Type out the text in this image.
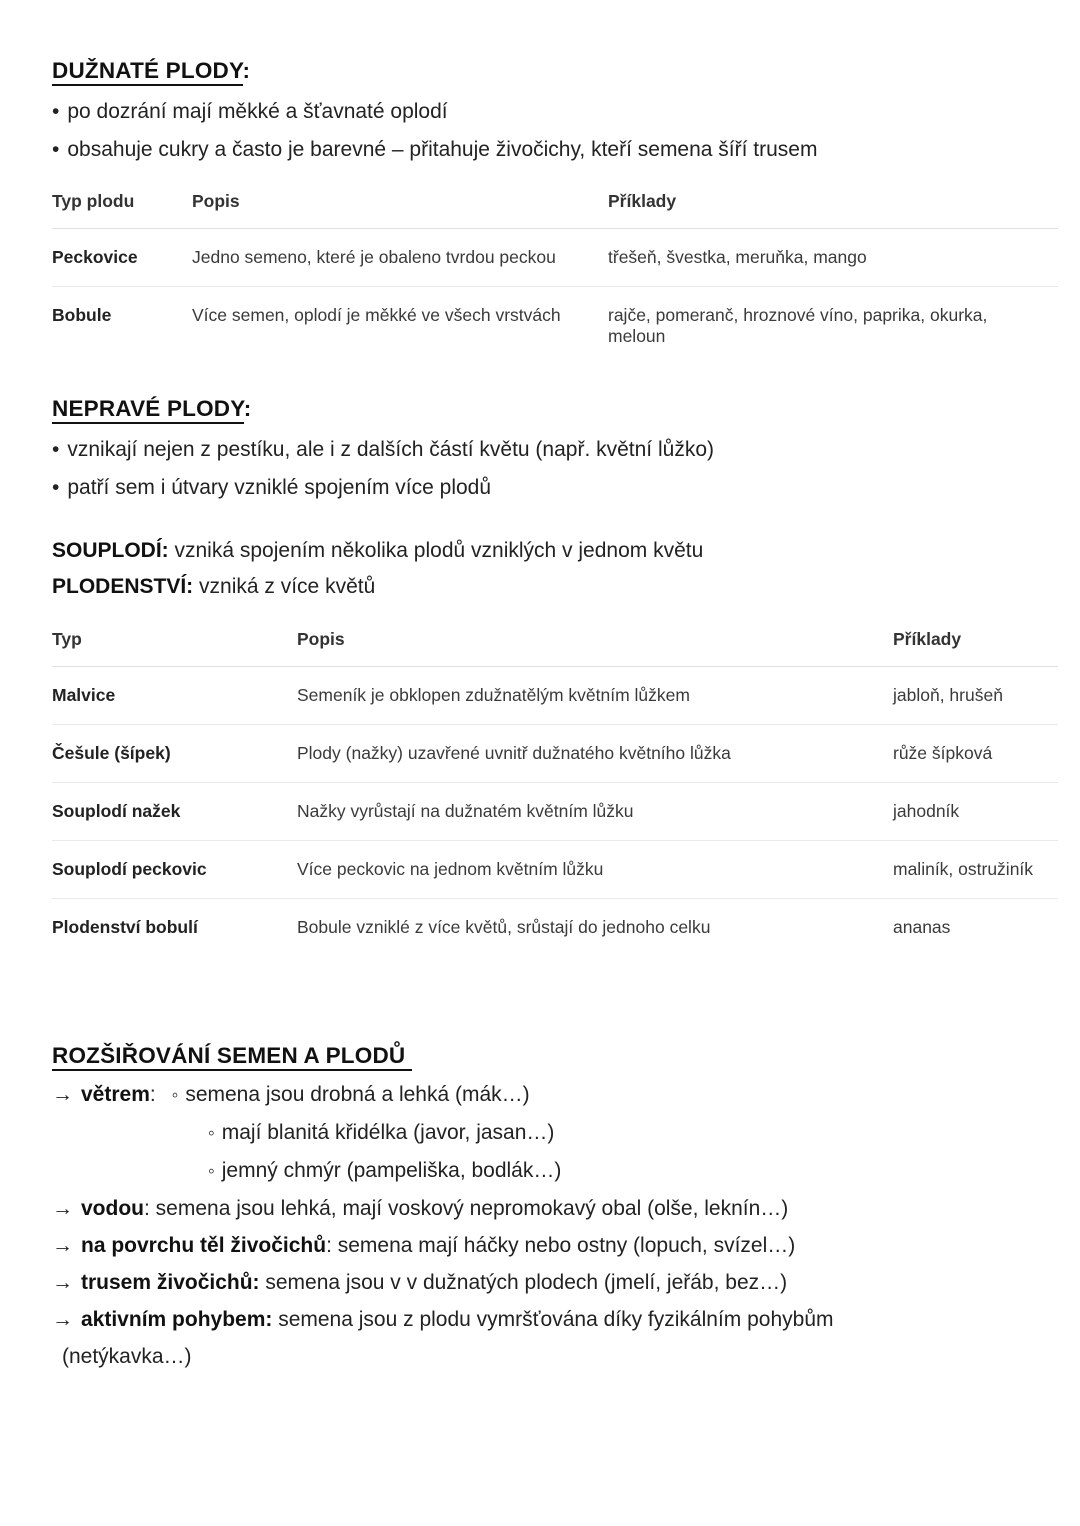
DUŽNATÉ PLODY:
• po dozrání mají měkké a šťavnaté oplodí
• obsahuje cukry a často je barevné – přitahuje živočichy, kteří semena šíří trusem
Typ plodu	Popis	Příklady
Peckovice	Jedno semeno, které je obaleno tvrdou peckou	třešeň, švestka, meruňka, mango
Bobule	Více semen, oplodí je měkké ve všech vrstvách	rajče, pomeranč, hroznové víno, paprika, okurka, meloun
NEPRAVÉ PLODY:
• vznikají nejen z pestíku, ale i z dalších částí květu (např. květní lůžko)
• patří sem i útvary vzniklé spojením více plodů
SOUPLODÍ: vzniká spojením několika plodů vzniklých v jednom květu
PLODENSTVÍ: vzniká z více květů
Typ	Popis	Příklady
Malvice	Semeník je obklopen zdužnatělým květním lůžkem	jabloň, hrušeň
Češule (šípek)	Plody (nažky) uzavřené uvnitř dužnatého květního lůžka	růže šípková
Souplodí nažek	Nažky vyrůstají na dužnatém květním lůžku	jahodník
Souplodí peckovic	Více peckovic na jednom květním lůžku	maliník, ostružiník
Plodenství bobulí	Bobule vzniklé z více květů, srůstají do jednoho celku	ananas
ROZŠIŘOVÁNÍ SEMEN A PLODŮ
→ větrem: ◦ semena jsou drobná a lehká (mák…)
◦ mají blanitá křidélka (javor, jasan…)
◦ jemný chmýr (pampeliška, bodlák…)
→ vodou: semena jsou lehká, mají voskový nepromokavý obal (olše, leknín…)
→ na povrchu těl živočichů: semena mají háčky nebo ostny (lopuch, svízel…)
→ trusem živočichů: semena jsou v v dužnatých plodech (jmelí, jeřáb, bez…)
→ aktivním pohybem: semena jsou z plodu vymršťována díky fyzikálním pohybům
(netýkavka…)
